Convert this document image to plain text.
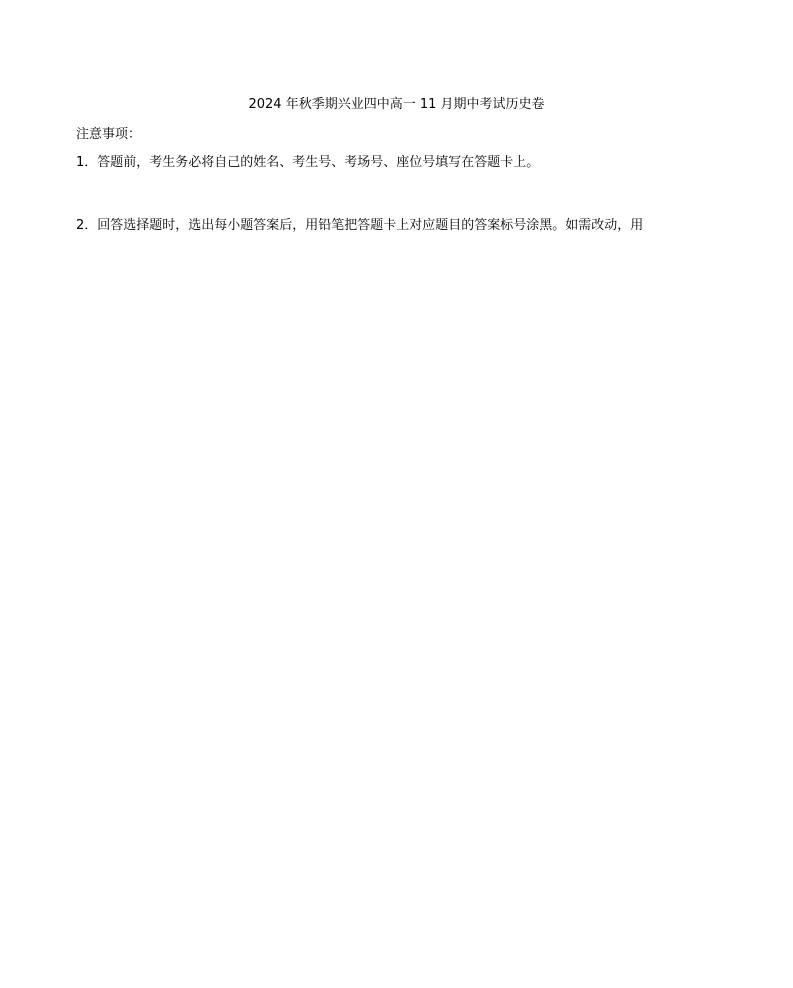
2024 年秋季期兴业四中高一 11 月期中考试历史卷
注意事项：
1．答题前，考生务必将自己的姓名、考生号、考场号、座位号填写在答题卡上。
2．回答选择题时，选出每小题答案后，用铅笔把答题卡上对应题目的答案标号涂黑。如需改动，用
